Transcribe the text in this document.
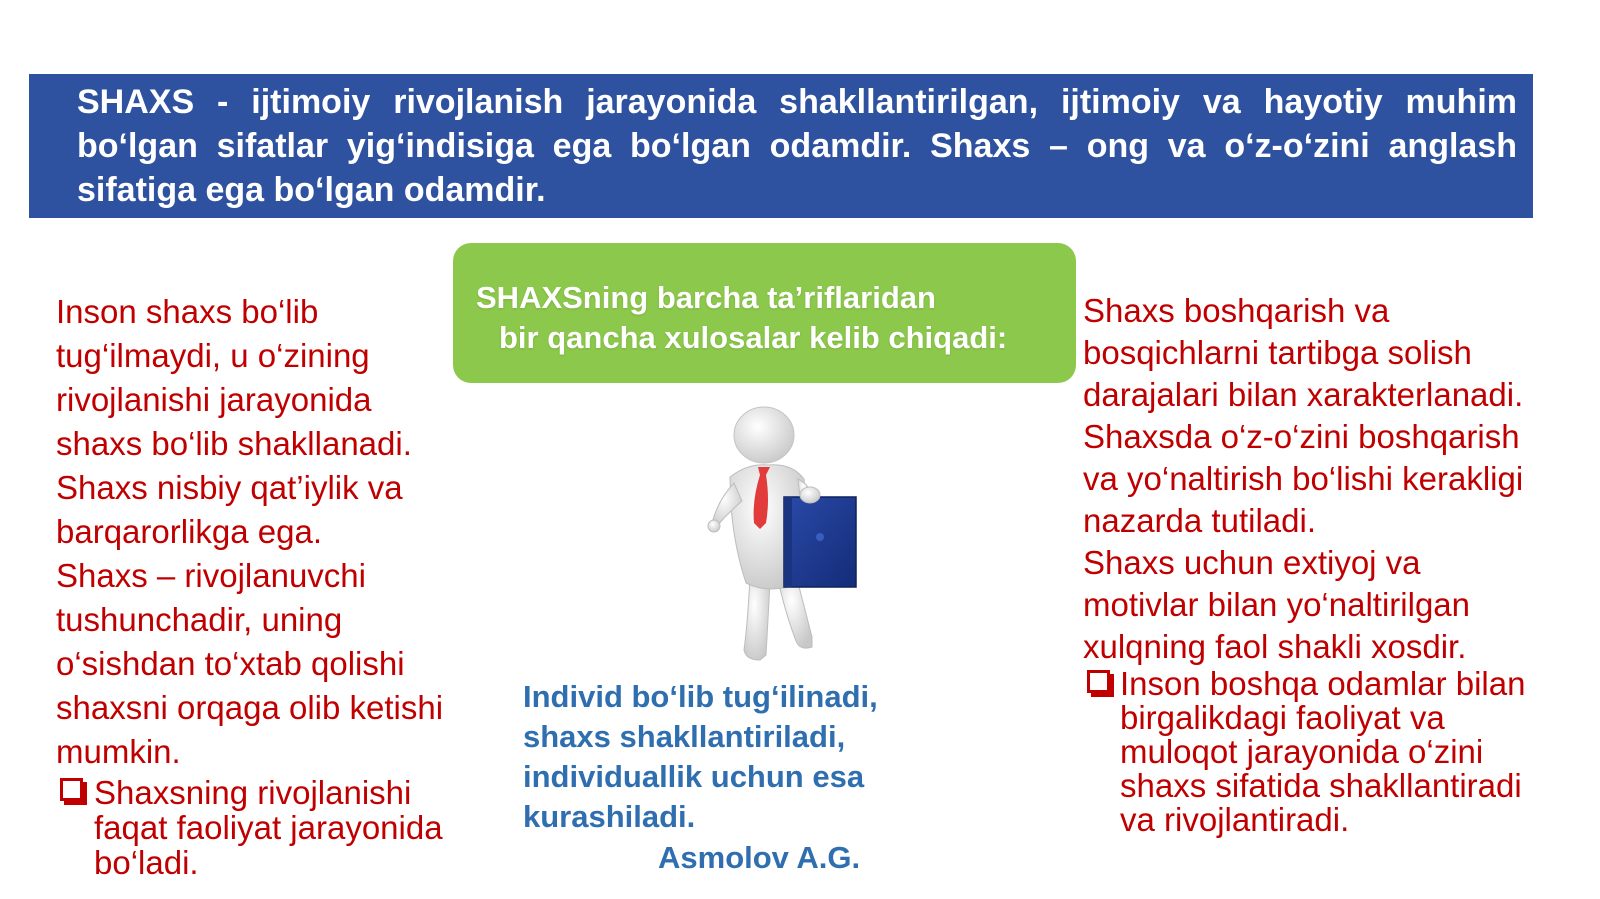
SHAXS - ijtimoiy rivojlanish jarayonida shakllantirilgan, ijtimoiy va hayotiy muhim bo‘lgan sifatlar yig‘indisiga ega bo‘lgan odamdir. Shaxs – ong va o‘z-o‘zini anglash sifatiga ega bo‘lgan odamdir.
SHAXSning barcha ta’riflaridan
bir qancha xulosalar kelib chiqadi:
Inson shaxs bo‘lib
tug‘ilmaydi, u o‘zining
rivojlanishi jarayonida
shaxs bo‘lib shakllanadi.
Shaxs nisbiy qat’iylik va
barqarorlikga ega.
Shaxs – rivojlanuvchi
tushunchadir, uning
o‘sishdan to‘xtab qolishi
shaxsni orqaga olib ketishi
mumkin.
Shaxsning rivojlanishi
faqat faoliyat jarayonida
bo‘ladi.
Shaxs boshqarish va
bosqichlarni tartibga solish
darajalari bilan xarakterlanadi.
Shaxsda o‘z-o‘zini boshqarish
va yo‘naltirish bo‘lishi kerakligi
nazarda tutiladi.
Shaxs uchun extiyoj va
motivlar bilan yo‘naltirilgan
xulqning faol shakli xosdir.
Inson boshqa odamlar bilan
birgalikdagi faoliyat va
muloqot jarayonida o‘zini
shaxs sifatida shakllantiradi
va rivojlantiradi.
Individ bo‘lib tug‘ilinadi,
shaxs shakllantiriladi,
individuallik uchun esa
kurashiladi.
Asmolov A.G.
